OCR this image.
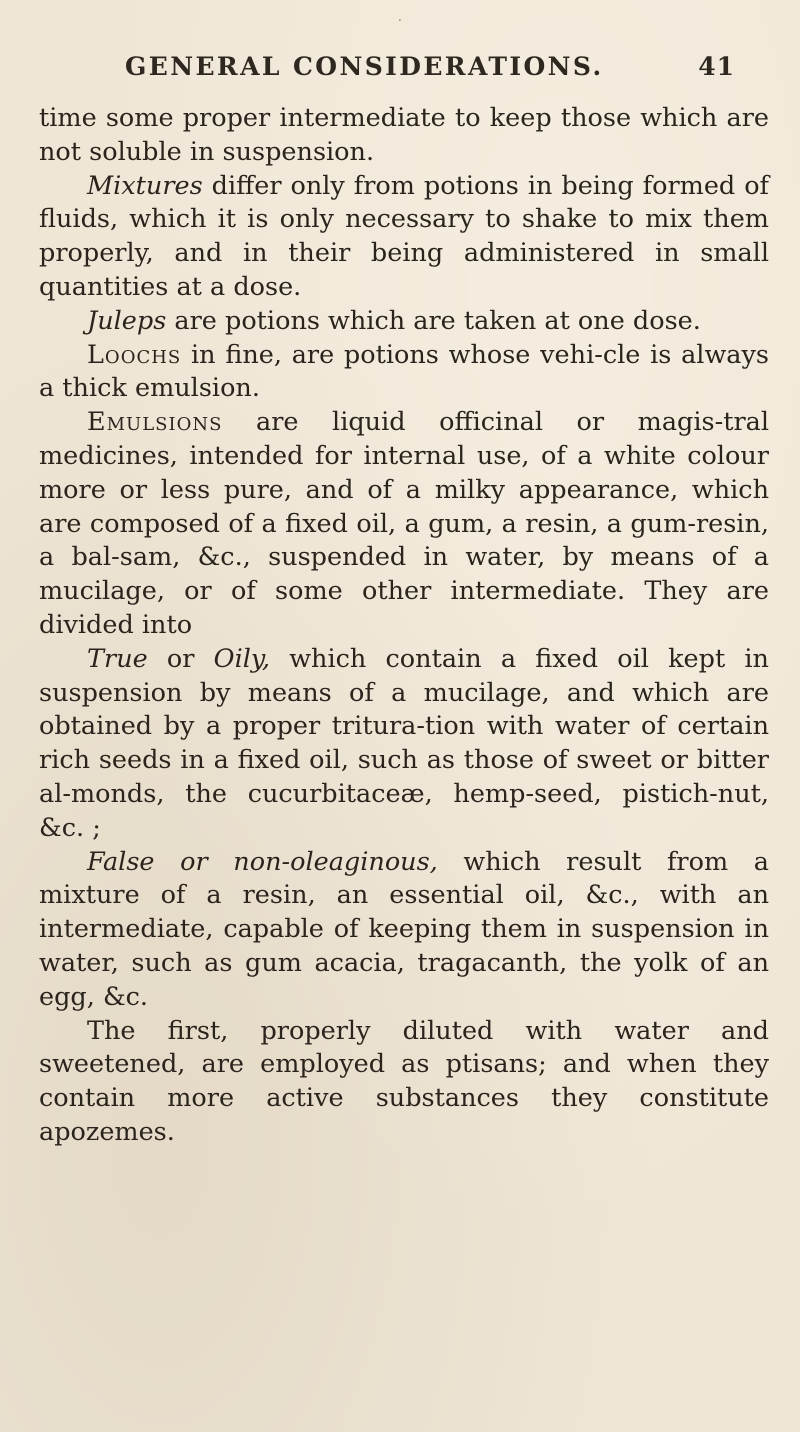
.
GENERAL CONSIDERATIONS.	41

time some proper intermediate to keep those which are not soluble in suspension.

Mixtures differ only from potions in being formed of fluids, which it is only necessary to shake to mix them properly, and in their being administered in small quantities at a dose.

Juleps are potions which are taken at one dose.

Loochs in fine, are potions whose vehi-cle is always a thick emulsion.

Emulsions are liquid officinal or magis-tral medicines, intended for internal use, of a white colour more or less pure, and of a milky appearance, which are composed of a fixed oil, a gum, a resin, a gum-resin, a bal-sam, &c., suspended in water, by means of a mucilage, or of some other intermediate. They are divided into

True or Oily, which contain a fixed oil kept in suspension by means of a mucilage, and which are obtained by a proper tritura-tion with water of certain rich seeds in a fixed oil, such as those of sweet or bitter al-monds, the cucurbitaceæ, hemp-seed, pistich-nut, &c. ;

False or non-oleaginous, which result from a mixture of a resin, an essential oil, &c., with an intermediate, capable of keeping them in suspension in water, such as gum acacia, tragacanth, the yolk of an egg, &c.

The first, properly diluted with water and sweetened, are employed as ptisans; and when they contain more active substances they constitute apozemes.
